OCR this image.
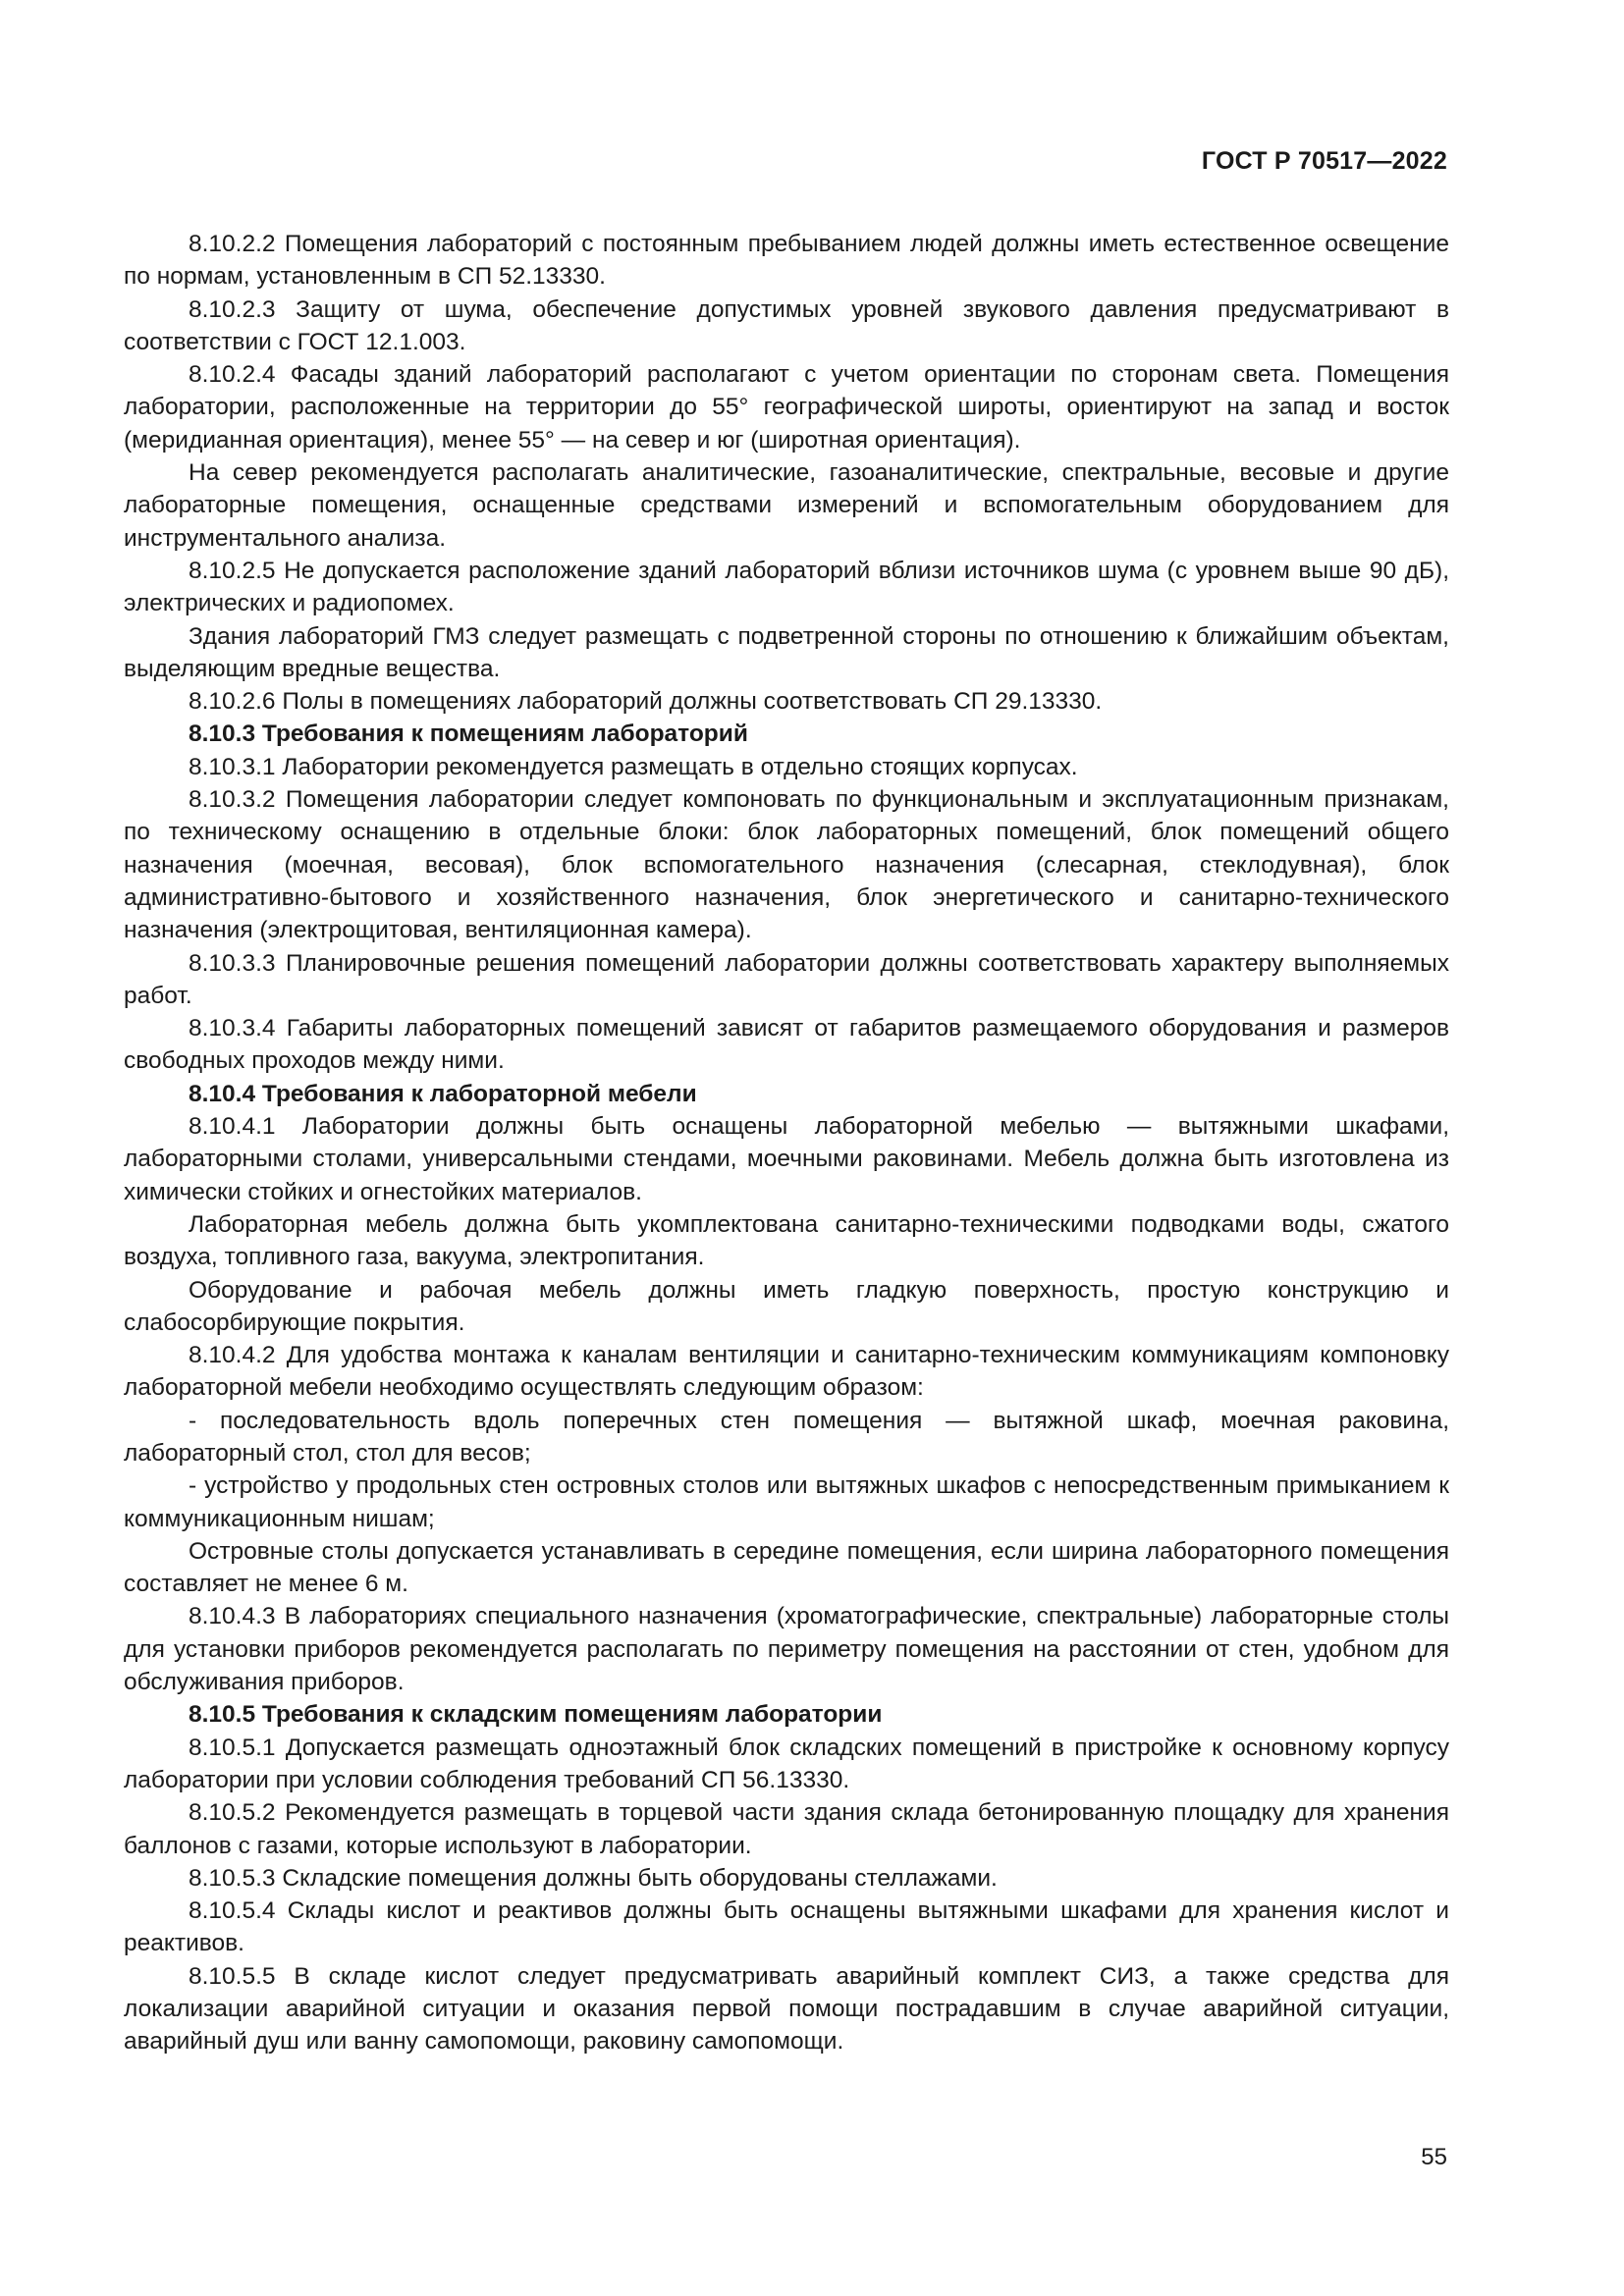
ГОСТ Р 70517—2022

8.10.2.2 Помещения лабораторий с постоянным пребыванием людей должны иметь естественное освещение по нормам, установленным в СП 52.13330.

8.10.2.3 Защиту от шума, обеспечение допустимых уровней звукового давления предусматривают в соответствии с ГОСТ 12.1.003.

8.10.2.4 Фасады зданий лабораторий располагают с учетом ориентации по сторонам света. Помещения лаборатории, расположенные на территории до 55° географической широты, ориентируют на запад и восток (меридианная ориентация), менее 55° — на север и юг (широтная ориентация).

На север рекомендуется располагать аналитические, газоаналитические, спектральные, весовые и другие лабораторные помещения, оснащенные средствами измерений и вспомогательным оборудованием для инструментального анализа.

8.10.2.5 Не допускается расположение зданий лабораторий вблизи источников шума (с уровнем выше 90 дБ), электрических и радиопомех.

Здания лабораторий ГМЗ следует размещать с подветренной стороны по отношению к ближайшим объектам, выделяющим вредные вещества.

8.10.2.6 Полы в помещениях лабораторий должны соответствовать СП 29.13330.

8.10.3 Требования к помещениям лабораторий

8.10.3.1 Лаборатории рекомендуется размещать в отдельно стоящих корпусах.

8.10.3.2 Помещения лаборатории следует компоновать по функциональным и эксплуатационным признакам, по техническому оснащению в отдельные блоки: блок лабораторных помещений, блок помещений общего назначения (моечная, весовая), блок вспомогательного назначения (слесарная, стеклодувная), блок административно-бытового и хозяйственного назначения, блок энергетического и санитарно-технического назначения (электрощитовая, вентиляционная камера).

8.10.3.3 Планировочные решения помещений лаборатории должны соответствовать характеру выполняемых работ.

8.10.3.4 Габариты лабораторных помещений зависят от габаритов размещаемого оборудования и размеров свободных проходов между ними.

8.10.4 Требования к лабораторной мебели

8.10.4.1 Лаборатории должны быть оснащены лабораторной мебелью — вытяжными шкафами, лабораторными столами, универсальными стендами, моечными раковинами. Мебель должна быть изготовлена из химически стойких и огнестойких материалов.

Лабораторная мебель должна быть укомплектована санитарно-техническими подводками воды, сжатого воздуха, топливного газа, вакуума, электропитания.

Оборудование и рабочая мебель должны иметь гладкую поверхность, простую конструкцию и слабосорбирующие покрытия.

8.10.4.2 Для удобства монтажа к каналам вентиляции и санитарно-техническим коммуникациям компоновку лабораторной мебели необходимо осуществлять следующим образом:

- последовательность вдоль поперечных стен помещения — вытяжной шкаф, моечная раковина, лабораторный стол, стол для весов;

- устройство у продольных стен островных столов или вытяжных шкафов с непосредственным примыканием к коммуникационным нишам;

Островные столы допускается устанавливать в середине помещения, если ширина лабораторного помещения составляет не менее 6 м.

8.10.4.3 В лабораториях специального назначения (хроматографические, спектральные) лабораторные столы для установки приборов рекомендуется располагать по периметру помещения на расстоянии от стен, удобном для обслуживания приборов.

8.10.5 Требования к складским помещениям лаборатории

8.10.5.1 Допускается размещать одноэтажный блок складских помещений в пристройке к основному корпусу лаборатории при условии соблюдения требований СП 56.13330.

8.10.5.2 Рекомендуется размещать в торцевой части здания склада бетонированную площадку для хранения баллонов с газами, которые используют в лаборатории.

8.10.5.3 Складские помещения должны быть оборудованы стеллажами.

8.10.5.4 Склады кислот и реактивов должны быть оснащены вытяжными шкафами для хранения кислот и реактивов.

8.10.5.5 В складе кислот следует предусматривать аварийный комплект СИЗ, а также средства для локализации аварийной ситуации и оказания первой помощи пострадавшим в случае аварийной ситуации, аварийный душ или ванну самопомощи, раковину самопомощи.

55
